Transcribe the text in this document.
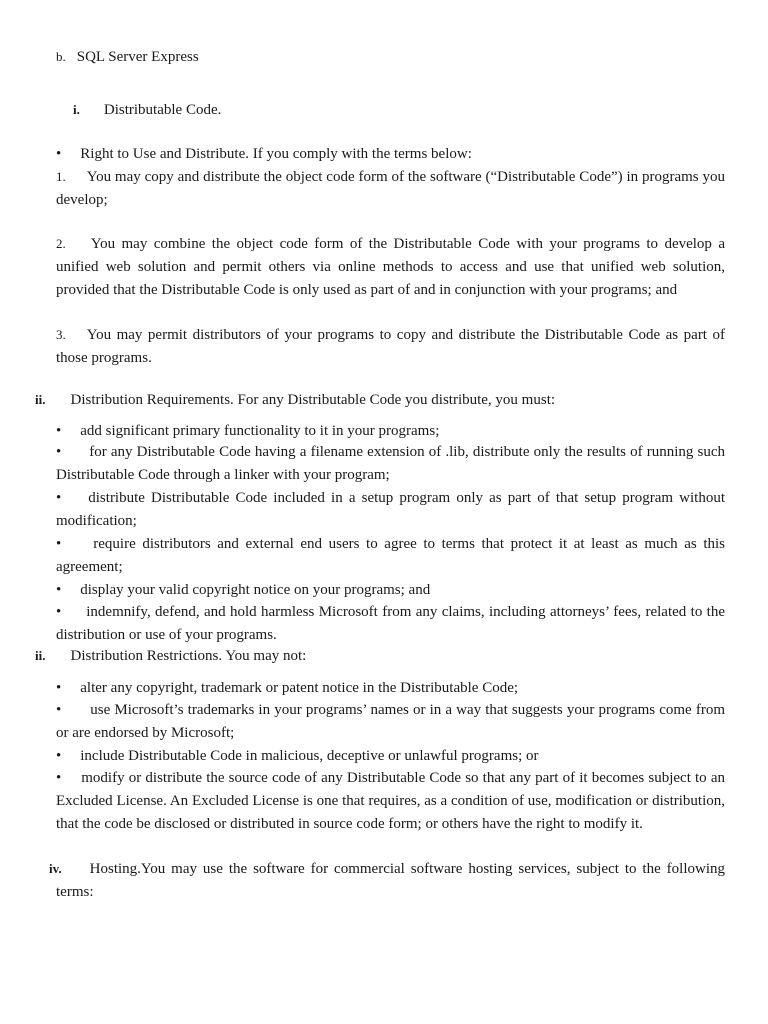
b. SQL Server Express
i. Distributable Code.
• Right to Use and Distribute. If you comply with the terms below:
1. You may copy and distribute the object code form of the software (“Distributable Code”) in programs you develop;
2. You may combine the object code form of the Distributable Code with your programs to develop a unified web solution and permit others via online methods to access and use that unified web solution, provided that the Distributable Code is only used as part of and in conjunction with your programs; and
3. You may permit distributors of your programs to copy and distribute the Distributable Code as part of those programs.
ii. Distribution Requirements. For any Distributable Code you distribute, you must:
• add significant primary functionality to it in your programs;
• for any Distributable Code having a filename extension of .lib, distribute only the results of running such Distributable Code through a linker with your program;
• distribute Distributable Code included in a setup program only as part of that setup program without modification;
• require distributors and external end users to agree to terms that protect it at least as much as this agreement;
• display your valid copyright notice on your programs; and
• indemnify, defend, and hold harmless Microsoft from any claims, including attorneys’ fees, related to the distribution or use of your programs.
ii. Distribution Restrictions. You may not:
• alter any copyright, trademark or patent notice in the Distributable Code;
• use Microsoft’s trademarks in your programs’ names or in a way that suggests your programs come from or are endorsed by Microsoft;
• include Distributable Code in malicious, deceptive or unlawful programs; or
• modify or distribute the source code of any Distributable Code so that any part of it becomes subject to an Excluded License. An Excluded License is one that requires, as a condition of use, modification or distribution, that the code be disclosed or distributed in source code form; or others have the right to modify it.
iv. Hosting.You may use the software for commercial software hosting services, subject to the following terms:
